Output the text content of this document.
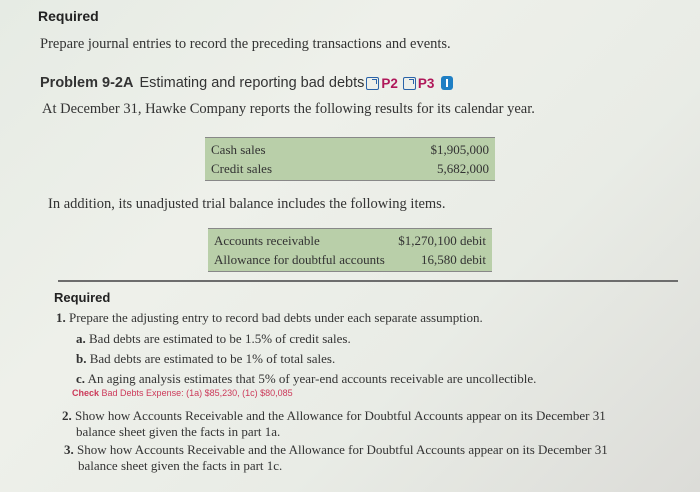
Required
Prepare journal entries to record the preceding transactions and events.
Problem 9-2A Estimating and reporting bad debts P2 P3
At December 31, Hawke Company reports the following results for its calendar year.
Cash sales	$1,905,000
Credit sales	5,682,000
In addition, its unadjusted trial balance includes the following items.
Accounts receivable	$1,270,100 debit
Allowance for doubtful accounts	16,580 debit
Required
1. Prepare the adjusting entry to record bad debts under each separate assumption.
a. Bad debts are estimated to be 1.5% of credit sales.
b. Bad debts are estimated to be 1% of total sales.
c. An aging analysis estimates that 5% of year-end accounts receivable are uncollectible.
Check Bad Debts Expense: (1a) $85,230, (1c) $80,085
2. Show how Accounts Receivable and the Allowance for Doubtful Accounts appear on its December 31
balance sheet given the facts in part 1a.
3. Show how Accounts Receivable and the Allowance for Doubtful Accounts appear on its December 31
balance sheet given the facts in part 1c.
